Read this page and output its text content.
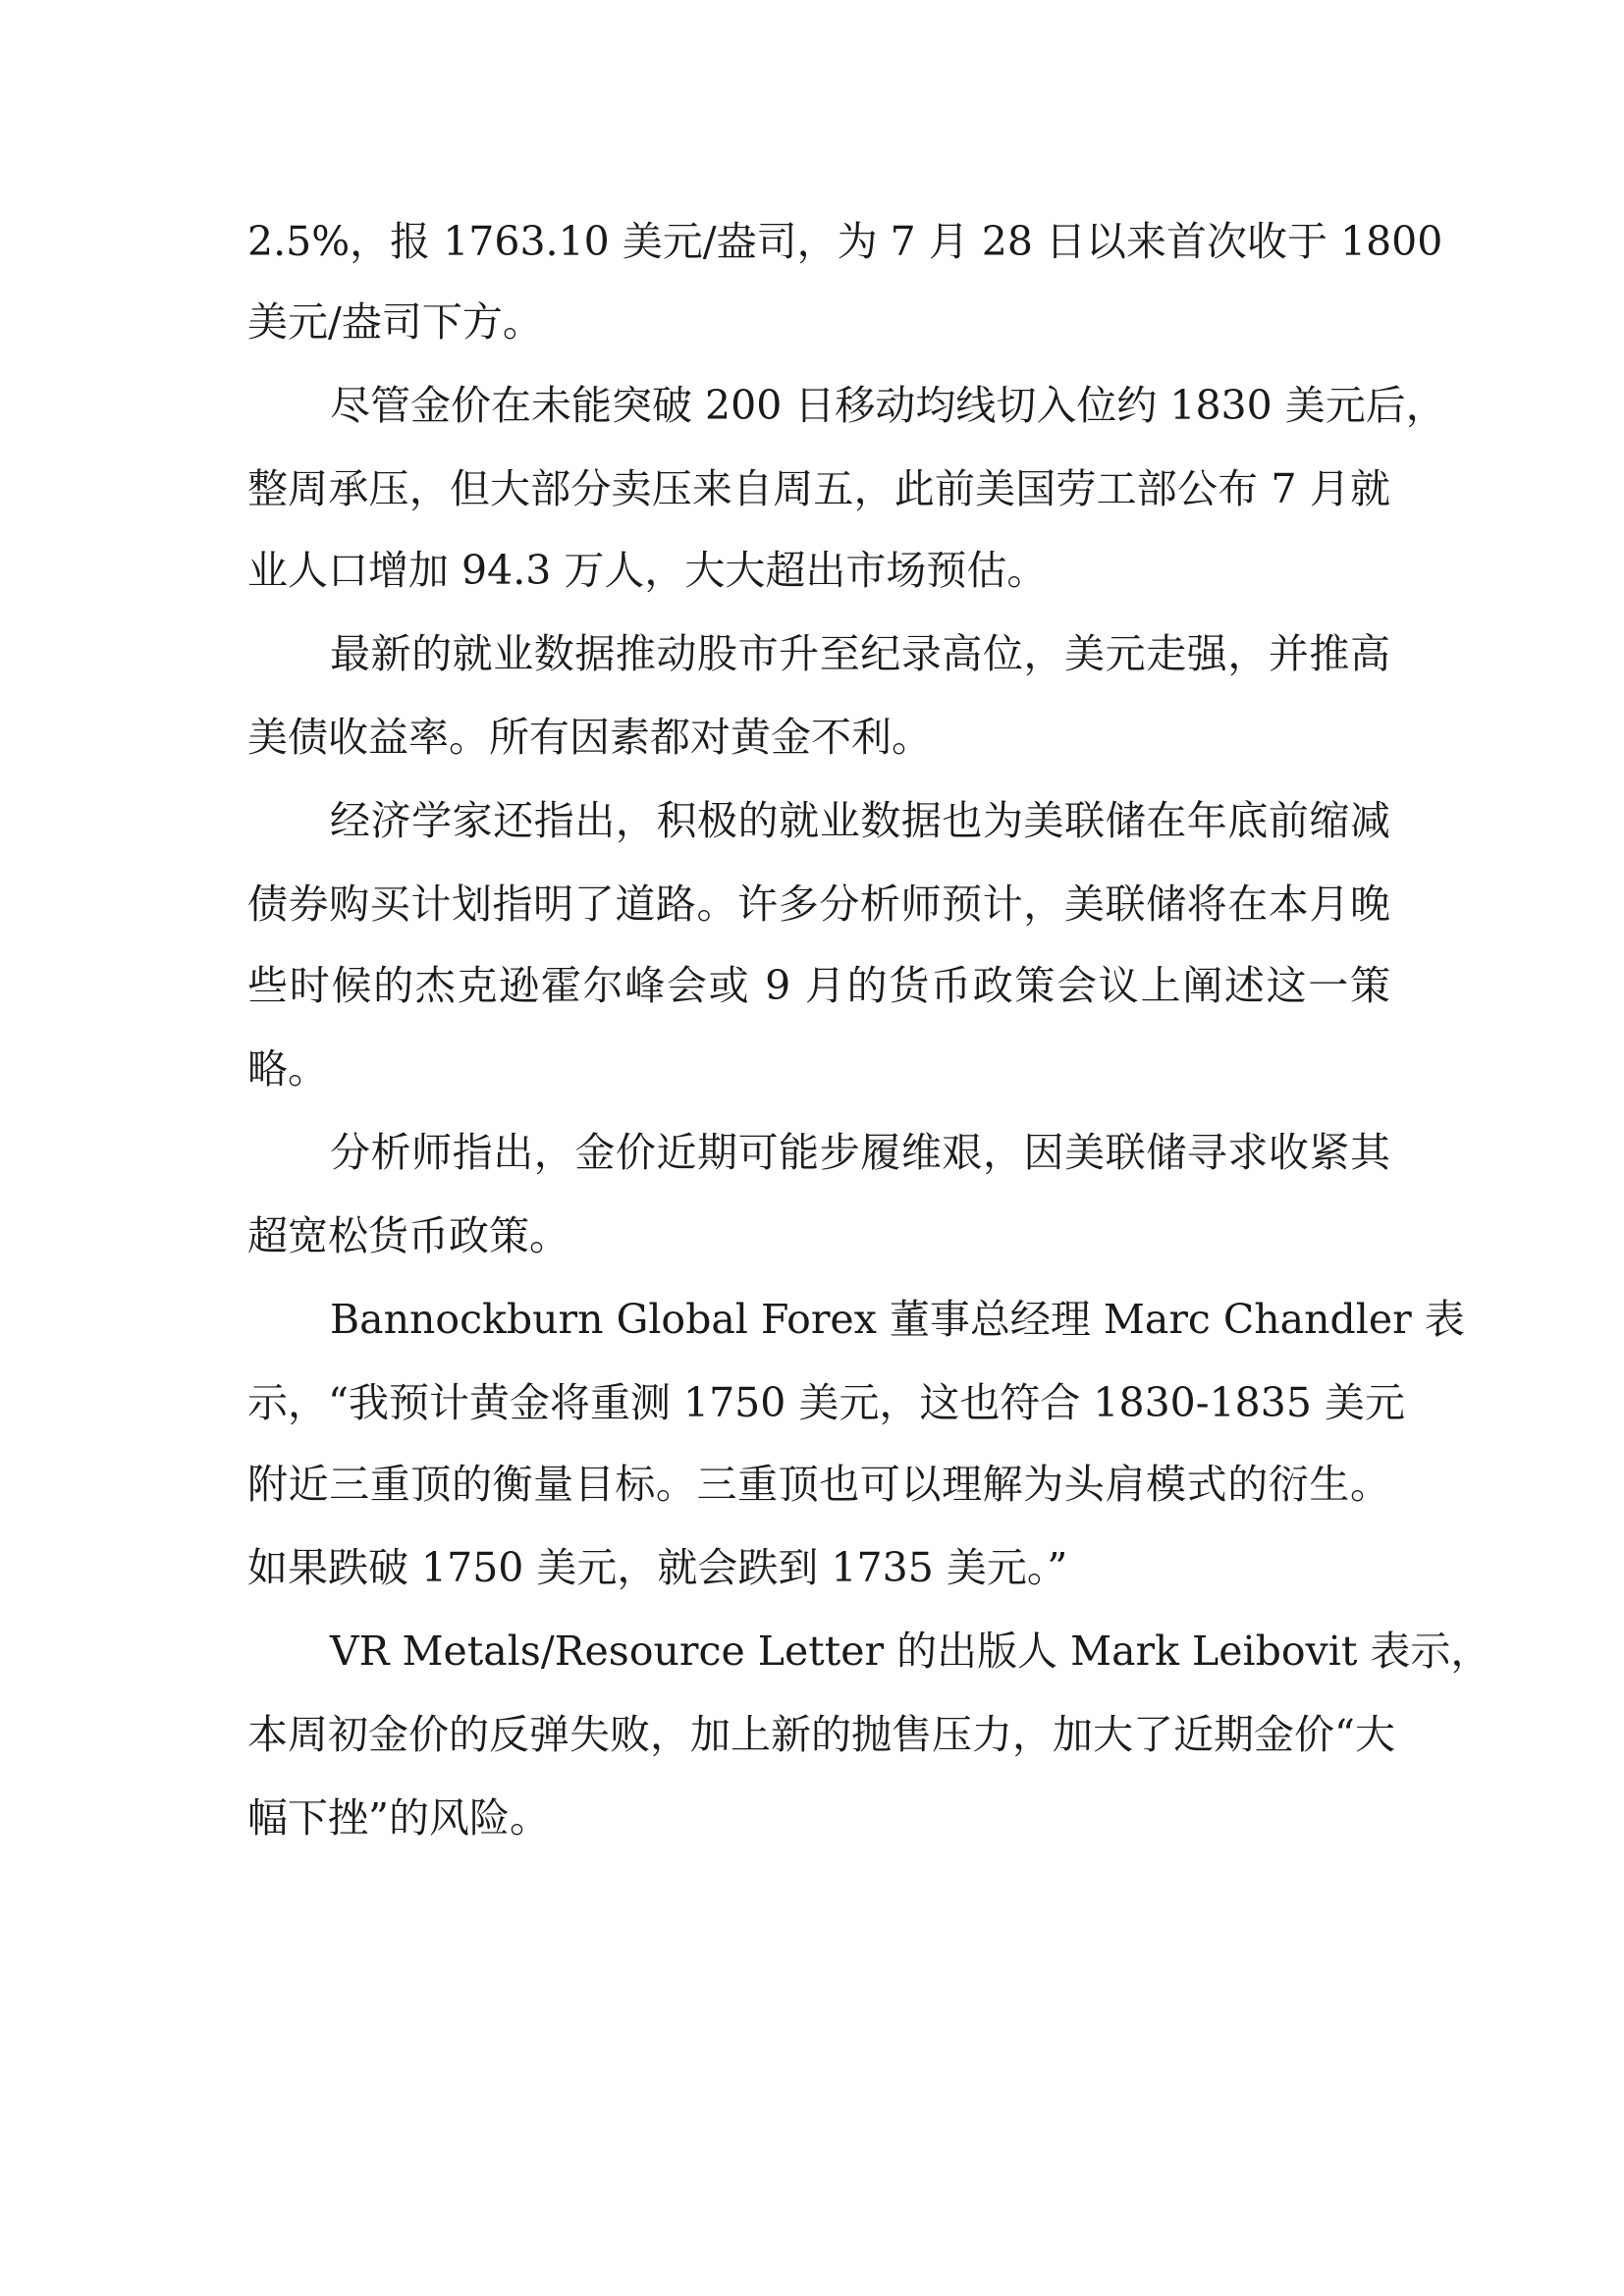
2.5%，报 1763.10 美元/盎司，为 7 月 28 日以来首次收于 1800
美元/盎司下方。
尽管金价在未能突破 200 日移动均线切入位约 1830 美元后，
整周承压，但大部分卖压来自周五，此前美国劳工部公布 7 月就
业人口增加 94.3 万人，大大超出市场预估。
最新的就业数据推动股市升至纪录高位，美元走强，并推高
美债收益率。所有因素都对黄金不利。
经济学家还指出，积极的就业数据也为美联储在年底前缩减
债券购买计划指明了道路。许多分析师预计，美联储将在本月晚
些时候的杰克逊霍尔峰会或 9 月的货币政策会议上阐述这一策
略。
分析师指出，金价近期可能步履维艰，因美联储寻求收紧其
超宽松货币政策。
Bannockburn Global Forex 董事总经理 Marc Chandler 表
示，“我预计黄金将重测 1750 美元，这也符合 1830-1835 美元
附近三重顶的衡量目标。三重顶也可以理解为头肩模式的衍生。
如果跌破 1750 美元，就会跌到 1735 美元。”
VR Metals/Resource Letter 的出版人 Mark Leibovit 表示，
本周初金价的反弹失败，加上新的抛售压力，加大了近期金价“大
幅下挫”的风险。
